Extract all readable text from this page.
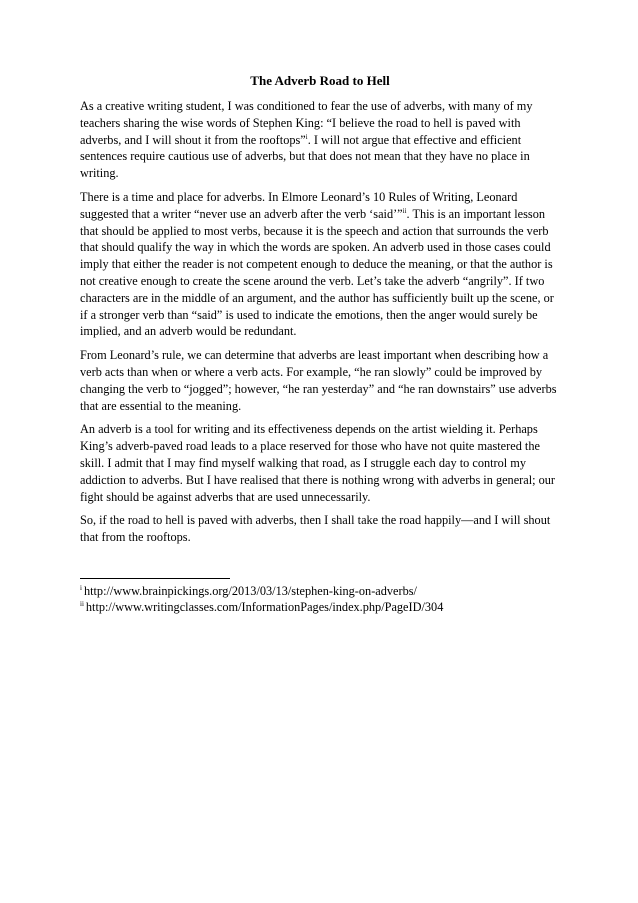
The Adverb Road to Hell

As a creative writing student, I was conditioned to fear the use of adverbs, with many of my teachers sharing the wise words of Stephen King: “I believe the road to hell is paved with adverbs, and I will shout it from the rooftops”$^i$. I will not argue that effective and efficient sentences require cautious use of adverbs, but that does not mean that they have no place in writing.

There is a time and place for adverbs. In Elmore Leonard’s 10 Rules of Writing, Leonard suggested that a writer “never use an adverb after the verb ‘said’”$^{ii}$. This is an important lesson that should be applied to most verbs, because it is the speech and action that surrounds the verb that should qualify the way in which the words are spoken. An adverb used in those cases could imply that either the reader is not competent enough to deduce the meaning, or that the author is not creative enough to create the scene around the verb. Let’s take the adverb “angrily”. If two characters are in the middle of an argument, and the author has sufficiently built up the scene, or if a stronger verb than “said” is used to indicate the emotions, then the anger would surely be implied, and an adverb would be redundant.

From Leonard’s rule, we can determine that adverbs are least important when describing how a verb acts than when or where a verb acts. For example, “he ran slowly” could be improved by changing the verb to “jogged”; however, “he ran yesterday” and “he ran downstairs” use adverbs that are essential to the meaning.

An adverb is a tool for writing and its effectiveness depends on the artist wielding it. Perhaps King’s adverb-paved road leads to a place reserved for those who have not quite mastered the skill. I admit that I may find myself walking that road, as I struggle each day to control my addiction to adverbs. But I have realised that there is nothing wrong with adverbs in general; our fight should be against adverbs that are used unnecessarily.

So, if the road to hell is paved with adverbs, then I shall take the road happily—and I will shout that from the rooftops.

$^i$ http://www.brainpickings.org/2013/03/13/stephen-king-on-adverbs/

$^{ii}$ http://www.writingclasses.com/InformationPages/index.php/PageID/304
